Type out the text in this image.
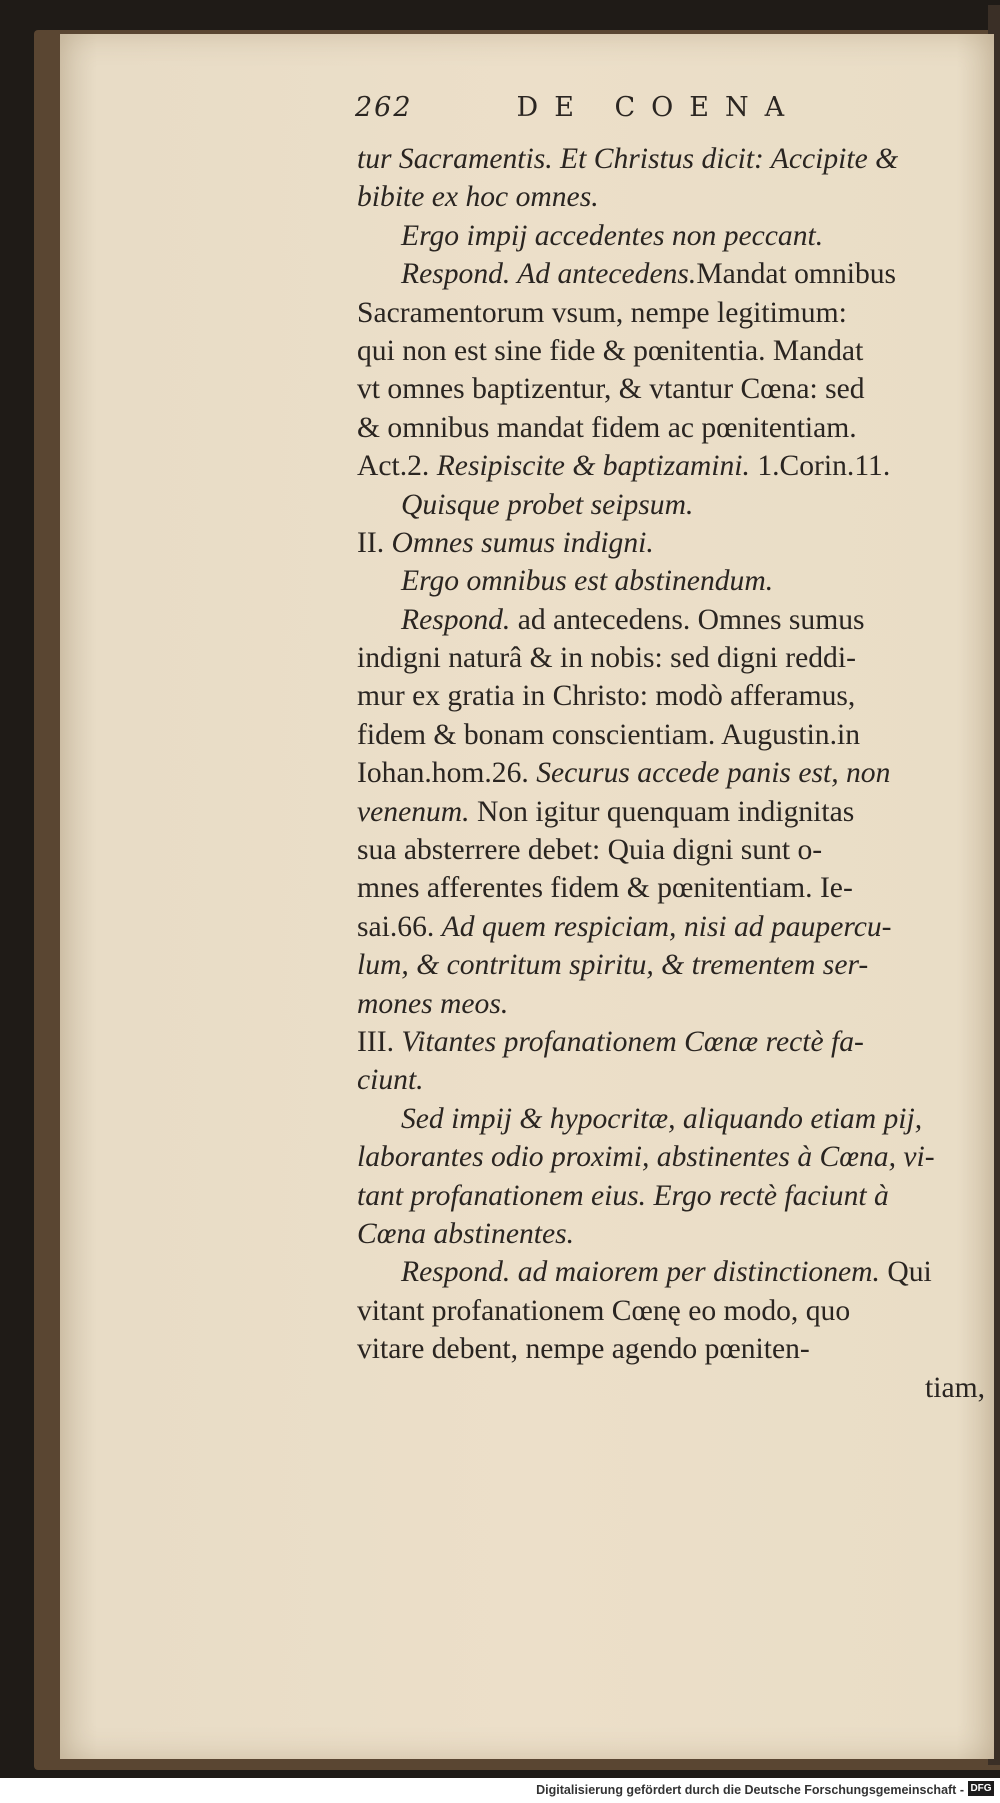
262	DE COENA
tur Sacramentis. Et Christus dicit: Accipite &
bibite ex hoc omnes.
Ergo impij accedentes non peccant.
Respond. Ad antecedens.Mandat omnibus
Sacramentorum vsum, nempe legitimum:
qui non est sine fide & pœnitentia. Mandat
vt omnes baptizentur, & vtantur Cœna: sed
& omnibus mandat fidem ac pœnitentiam.
Act.2. Resipiscite & baptizamini. 1.Corin.11.
Quisque probet seipsum.
II. Omnes sumus indigni.
Ergo omnibus est abstinendum.
Respond. ad antecedens. Omnes sumus
indigni naturâ & in nobis: sed digni reddi-
mur ex gratia in Christo: modò afferamus,
fidem & bonam conscientiam. Augustin.in
Iohan.hom.26. Securus accede panis est, non
venenum. Non igitur quenquam indignitas
sua absterrere debet: Quia digni sunt o-
mnes afferentes fidem & pœnitentiam. Ie-
sai.66. Ad quem respiciam, nisi ad paupercu-
lum, & contritum spiritu, & trementem ser-
mones meos.
III. Vitantes profanationem Cœnæ rectè fa-
ciunt.
Sed impij & hypocritæ, aliquando etiam pij,
laborantes odio proximi, abstinentes à Cœna, vi-
tant profanationem eius. Ergo rectè faciunt à
Cœna abstinentes.
Respond. ad maiorem per distinctionem. Qui
vitant profanationem Cœnę eo modo, quo
vitare debent, nempe agendo pœniten-
tiam,
Digitalisierung gefördert durch die Deutsche Forschungsgemeinschaft - DFG
